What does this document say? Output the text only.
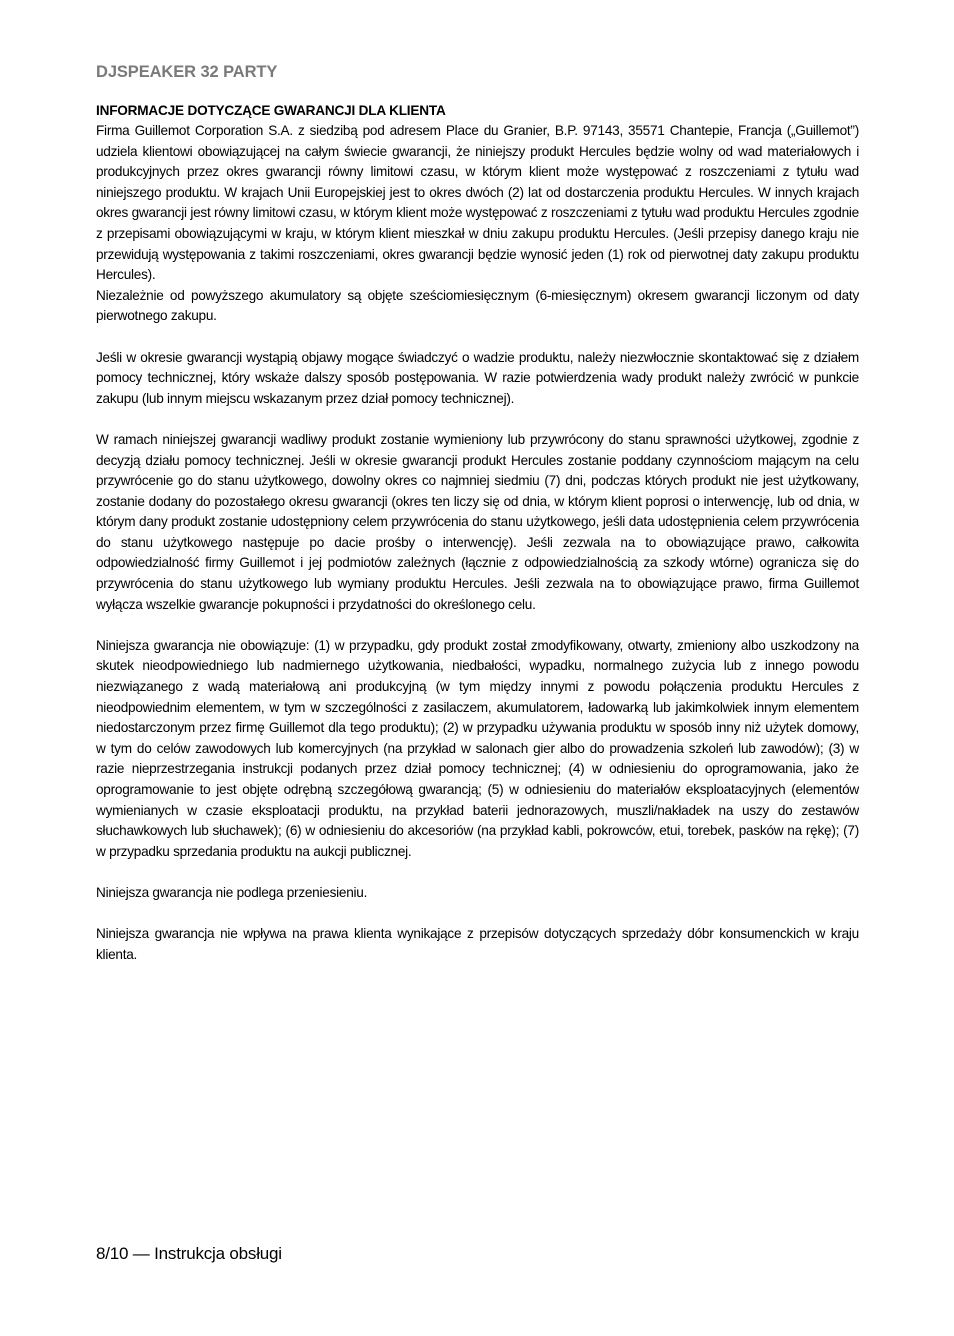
DJSPEAKER 32 PARTY
INFORMACJE DOTYCZĄCE GWARANCJI DLA KLIENTA

Firma Guillemot Corporation S.A. z siedzibą pod adresem Place du Granier, B.P. 97143, 35571 Chantepie, Francja („Guillemot”) udziela klientowi obowiązującej na całym świecie gwarancji, że niniejszy produkt Hercules będzie wolny od wad materiałowych i produkcyjnych przez okres gwarancji równy limitowi czasu, w którym klient może występować z roszczeniami z tytułu wad niniejszego produktu. W krajach Unii Europejskiej jest to okres dwóch (2) lat od dostarczenia produktu Hercules. W innych krajach okres gwarancji jest równy limitowi czasu, w którym klient może występować z roszczeniami z tytułu wad produktu Hercules zgodnie z przepisami obowiązującymi w kraju, w którym klient mieszkał w dniu zakupu produktu Hercules. (Jeśli przepisy danego kraju nie przewidują występowania z takimi roszczeniami, okres gwarancji będzie wynosić jeden (1) rok od pierwotnej daty zakupu produktu Hercules).

Niezależnie od powyższego akumulatory są objęte sześciomiesięcznym (6-miesięcznym) okresem gwarancji liczonym od daty pierwotnego zakupu.

Jeśli w okresie gwarancji wystąpią objawy mogące świadczyć o wadzie produktu, należy niezwłocznie skontaktować się z działem pomocy technicznej, który wskaże dalszy sposób postępowania. W razie potwierdzenia wady produkt należy zwrócić w punkcie zakupu (lub innym miejscu wskazanym przez dział pomocy technicznej).

W ramach niniejszej gwarancji wadliwy produkt zostanie wymieniony lub przywrócony do stanu sprawności użytkowej, zgodnie z decyzją działu pomocy technicznej. Jeśli w okresie gwarancji produkt Hercules zostanie poddany czynnościom mającym na celu przywrócenie go do stanu użytkowego, dowolny okres co najmniej siedmiu (7) dni, podczas których produkt nie jest użytkowany, zostanie dodany do pozostałego okresu gwarancji (okres ten liczy się od dnia, w którym klient poprosi o interwencję, lub od dnia, w którym dany produkt zostanie udostępniony celem przywrócenia do stanu użytkowego, jeśli data udostępnienia celem przywrócenia do stanu użytkowego następuje po dacie prośby o interwencję). Jeśli zezwala na to obowiązujące prawo, całkowita odpowiedzialność firmy Guillemot i jej podmiotów zależnych (łącznie z odpowiedzialnością za szkody wtórne) ogranicza się do przywrócenia do stanu użytkowego lub wymiany produktu Hercules. Jeśli zezwala na to obowiązujące prawo, firma Guillemot wyłącza wszelkie gwarancje pokupności i przydatności do określonego celu.

Niniejsza gwarancja nie obowiązuje: (1) w przypadku, gdy produkt został zmodyfikowany, otwarty, zmieniony albo uszkodzony na skutek nieodpowiedniego lub nadmiernego użytkowania, niedbałości, wypadku, normalnego zużycia lub z innego powodu niezwiązanego z wadą materiałową ani produkcyjną (w tym między innymi z powodu połączenia produktu Hercules z nieodpowiednim elementem, w tym w szczególności z zasilaczem, akumulatorem, ładowarką lub jakimkolwiek innym elementem niedostarczonym przez firmę Guillemot dla tego produktu); (2) w przypadku używania produktu w sposób inny niż użytek domowy, w tym do celów zawodowych lub komercyjnych (na przykład w salonach gier albo do prowadzenia szkoleń lub zawodów); (3) w razie nieprzestrzegania instrukcji podanych przez dział pomocy technicznej; (4) w odniesieniu do oprogramowania, jako że oprogramowanie to jest objęte odrębną szczegółową gwarancją; (5) w odniesieniu do materiałów eksploatacyjnych (elementów wymienianych w czasie eksploatacji produktu, na przykład baterii jednorazowych, muszli/nakładek na uszy do zestawów słuchawkowych lub słuchawek); (6) w odniesieniu do akcesoriów (na przykład kabli, pokrowców, etui, torebek, pasków na rękę); (7) w przypadku sprzedania produktu na aukcji publicznej.

Niniejsza gwarancja nie podlega przeniesieniu.

Niniejsza gwarancja nie wpływa na prawa klienta wynikające z przepisów dotyczących sprzedaży dóbr konsumenckich w kraju klienta.

8/10 — Instrukcja obsługi
